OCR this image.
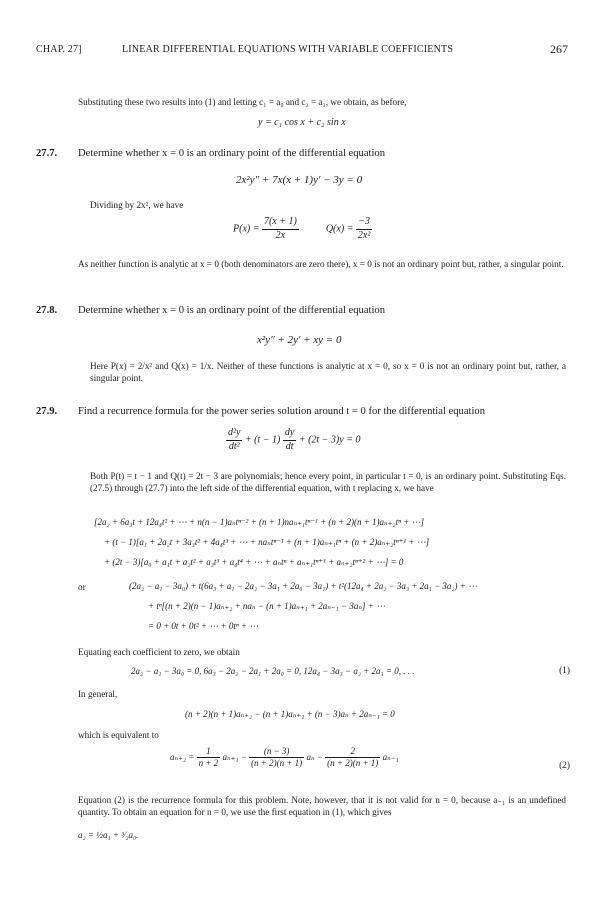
CHAP. 27]	LINEAR DIFFERENTIAL EQUATIONS WITH VARIABLE COEFFICIENTS	267
Substituting these two results into (1) and letting c₁ = a₀ and c₂ = a₁, we obtain, as before,
y = c₁ cos x + c₂ sin x
27.7. Determine whether x = 0 is an ordinary point of the differential equation
2x²y″ + 7x(x + 1)y′ − 3y = 0
Dividing by 2x², we have
$P(x) = \frac{7(x + 1)}{2x}$	$Q(x) = \frac{-3}{\text{2x²}}$
As neither function is analytic at x = 0 (both denominators are zero there), x = 0 is not an ordinary point but, rather, a singular point.
27.8. Determine whether x = 0 is an ordinary point of the differential equation
x²y″ + 2y′ + xy = 0
Here P(x) = 2/x² and Q(x) = 1/x. Neither of these functions is analytic at x = 0, so x = 0 is not an ordinary point but, rather, a singular point.
27.9. Find a recurrence formula for the power series solution around t = 0 for the differential equation
$\frac{\text{d²y}}{\text{dt²}} + (t - 1) \frac{dy}{dt} + (2t - 3)y = 0$
Both P(t) = t − 1 and Q(t) = 2t − 3 are polynomials; hence every point, in particular t = 0, is an ordinary point. Substituting Eqs. (27.5) through (27.7) into the left side of the differential equation, with t replacing x, we have
[2a₂ + 6a₃t + 12a₄t² + ⋯ + n(n − 1)aₙtⁿ⁻² + (n + 1)naₙ₊₁tⁿ⁻¹ + (n + 2)(n + 1)aₙ₊₂tⁿ + ⋯]
+ (t − 1)[a₁ + 2a₂t + 3a₃t² + 4a₄t³ + ⋯ + naₙtⁿ⁻¹ + (n + 1)aₙ₊₁tⁿ + (n + 2)aₙ₊₂tⁿ⁺¹ + ⋯]
+ (2t − 3)[a₀ + a₁t + a₂t² + a₃t³ + a₄t⁴ + ⋯ + aₙtⁿ + aₙ₊₁tⁿ⁺¹ + aₙ₊₂tⁿ⁺² + ⋯] = 0
or	(2a₂ − a₁ − 3a₀) + t(6a₃ + a₁ − 2a₂ − 3a₁ + 2a₀ − 3a₁) + t²(12a₄ + 2a₂ − 3a₃ + 2a₁ − 3a₂) + ⋯
+ tⁿ[(n + 2)(n − 1)aₙ₊₂ + naₙ − (n + 1)aₙ₊₁ + 2aₙ₋₁ − 3aₙ] + ⋯
= 0 + 0t + 0t² + ⋯ + 0tⁿ + ⋯
Equating each coefficient to zero, we obtain
2a₂ − a₁ − 3a₀ = 0, 6a₃ − 2a₂ − 2a₁ + 2a₀ = 0, 12a₄ − 3a₃ − a₂ + 2a₁ = 0, . . .	(1)
In general,
(n + 2)(n + 1)aₙ₊₂ − (n + 1)aₙ₊₁ + (n − 3)aₙ + 2aₙ₋₁ = 0
which is equivalent to
$a_{n+2} = \frac{1}{n + 2} a_{n+1} - \frac{(n - 3)}{(n + 2)(n + 1)}$ $a_n - \frac{2}{(n + 2)(n + 1)} a_{n-1}$
(2)
Equation (2) is the recurrence formula for this problem. Note, however, that it is not valid for n = 0, because a₋₁ is an undefined quantity. To obtain an equation for n = 0, we use the first equation in (1), which gives
a₂ = ½a₁ + ³⁄₂a₀.
